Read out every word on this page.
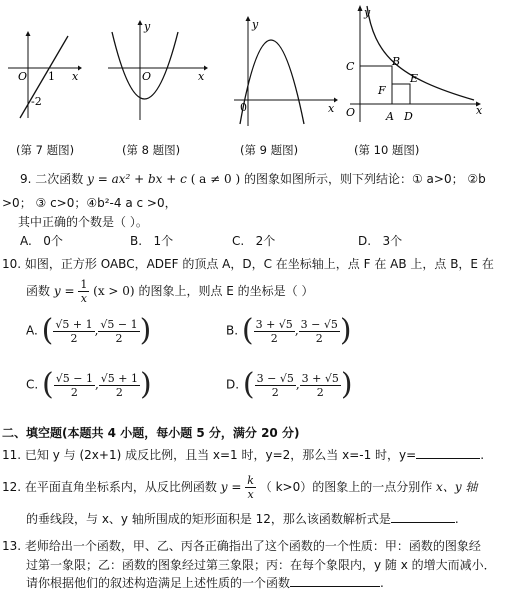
O 1 x
-2
y
O	x
y
0	x
y
x
O
C	B
E
F
A D
(第 7 题图)	(第 8 题图)	(第 9 题图)	(第 10 题图)
9. 二次函数 y = ax² + bx + c ( a ≠ 0 ) 的图象如图所示，则下列结论：① a>0； ②b
>0； ③ c>0；④b²-4 a c >0，
其中正确的个数是（ ）。
A. 0个	B. 1个	C. 2个	D. 3个
10. 如图，正方形 OABC，ADEF 的顶点 A，D，C 在坐标轴上，点 F 在 AB 上，点 B，E 在
函数 $y = \frac{1}{x} (x > 0)$ 的图象上，则点 E 的坐标是（ ）
A. ( $\frac{√5 + 1}{2}$ , $\frac{√5 - 1}{2}$ )	B. ( $\frac{3 + √5}{2}$ , $\frac{3 - √5}{2}$ )
C. ( $\frac{√5 - 1}{2}$ , $\frac{√5 + 1}{2}$ )	D. ( $\frac{3 - √5}{2}$ , $\frac{3 + √5}{2}$ )
二、填空题(本题共 4 小题，每小题 5 分，满分 20 分)
11. 已知 y 与 (2x+1) 成反比例，且当 x=1 时，y=2，那么当 x=-1 时，y=	.
12. 在平面直角坐标系内，从反比例函数 $y = \frac{k}{x}$ （ k>0）的图象上的一点分别作 x、y 轴
的垂线段，与 x、y 轴所围成的矩形面积是 12，那么该函数解析式是	.
13. 老师给出一个函数，甲、乙、丙各正确指出了这个函数的一个性质：甲：函数的图象经
过第一象限；乙：函数的图象经过第三象限；丙：在每个象限内，y 随 x 的增大而减小．
请你根据他们的叙述构造满足上述性质的一个函数	.
